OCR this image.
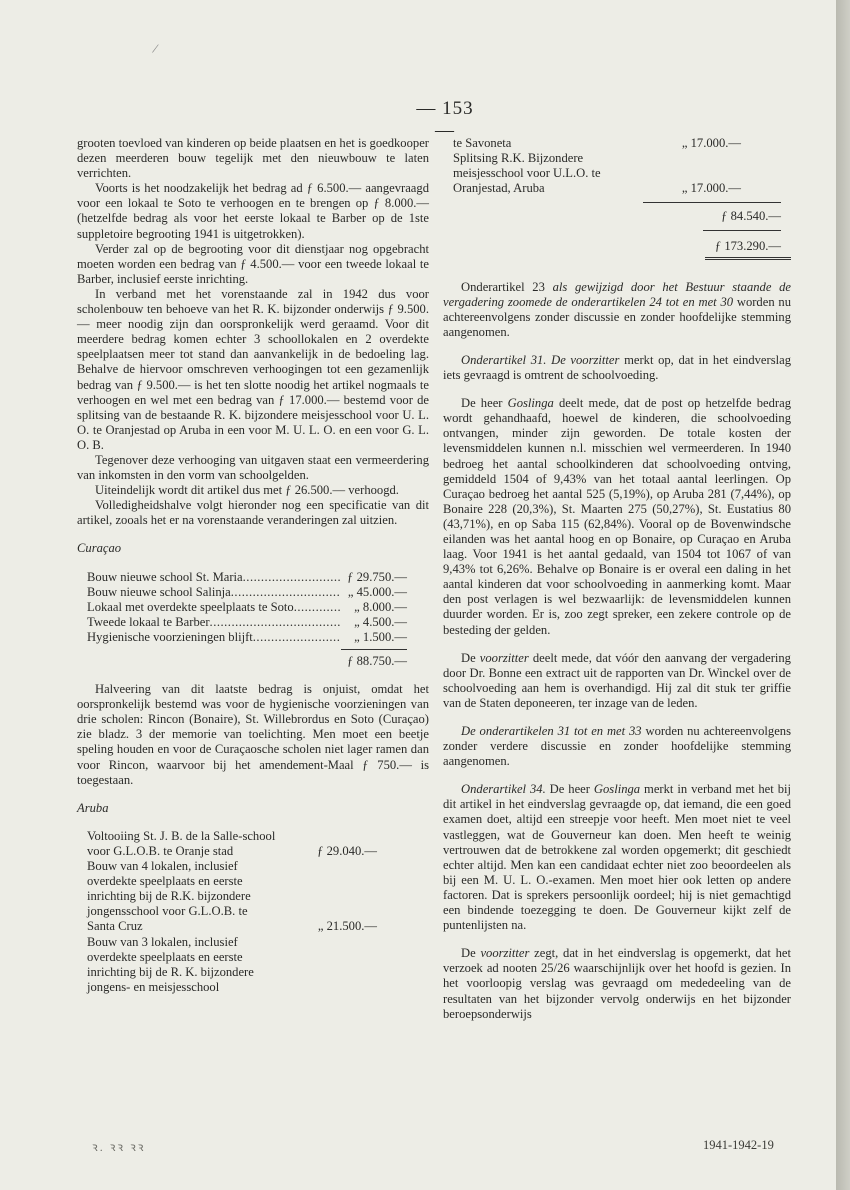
/
— 153 —

grooten toevloed van kinderen op beide plaatsen en het is goedkooper dezen meerderen bouw tegelijk met den nieuwbouw te laten verrichten.

Voorts is het noodzakelijk het bedrag ad ƒ 6.500.— aangevraagd voor een lokaal te Soto te verhoogen en te brengen op ƒ 8.000.— (hetzelfde bedrag als voor het eerste lokaal te Barber op de 1ste suppletoire begrooting 1941 is uitgetrokken).

Verder zal op de begrooting voor dit dienstjaar nog opgebracht moeten worden een bedrag van ƒ 4.500.— voor een tweede lokaal te Barber, inclusief eerste inrichting.

In verband met het vorenstaande zal in 1942 dus voor scholenbouw ten behoeve van het R. K. bijzonder onderwijs ƒ 9.500.— meer noodig zijn dan oorspronkelijk werd geraamd. Voor dit meerdere bedrag komen echter 3 schoollokalen en 2 overdekte speelplaatsen meer tot stand dan aanvankelijk in de bedoeling lag. Behalve de hiervoor omschreven verhoogingen tot een gezamenlijk bedrag van ƒ 9.500.— is het ten slotte noodig het artikel nogmaals te verhoogen en wel met een bedrag van ƒ 17.000.— bestemd voor de splitsing van de bestaande R. K. bijzondere meisjesschool voor U. L. O. te Oranjestad op Aruba in een voor M. U. L. O. en een voor G. L. O. B.

Tegenover deze verhooging van uitgaven staat een vermeerdering van inkomsten in den vorm van schoolgelden.

Uiteindelijk wordt dit artikel dus met ƒ 26.500.— verhoogd.

Volledigheidshalve volgt hieronder nog een specificatie van dit artikel, zooals het er na vorenstaande veranderingen zal uitzien.

Curaçao

Bouw nieuwe school St. Maria .....	ƒ 29.750.—
Bouw nieuwe school Salinja .....	„ 45.000.—
Lokaal met overdekte speelplaats te Soto .....	„ 8.000.—
Tweede lokaal te Barber .....	„ 4.500.—
Hygienische voorzieningen blijft .....	„ 1.500.—
ƒ 88.750.—

Halveering van dit laatste bedrag is onjuist, omdat het oorspronkelijk bestemd was voor de hygienische voorzieningen van drie scholen: Rincon (Bonaire), St. Willebrordus en Soto (Curaçao) zie bladz. 3 der memorie van toelichting. Men moet een beetje speling houden en voor de Curaçaosche scholen niet lager ramen dan voor Rincon, waarvoor bij het amendement-Maal ƒ 750.— is toegestaan.

Aruba

Voltooiing St. J. B. de la Salle-school voor G.L.O.B. te Oranje stad	ƒ 29.040.—
Bouw van 4 lokalen, inclusief overdekte speelplaats en eerste inrichting bij de R.K. bijzondere jongensschool voor G.L.O.B. te Santa Cruz	„ 21.500.—
Bouw van 3 lokalen, inclusief overdekte speelplaats en eerste inrichting bij de R. K. bijzondere jongens- en meisjesschool
te Savoneta	„ 17.000.—
Splitsing R.K. Bijzondere meisjesschool voor U.L.O. te Oranjestad, Aruba	„ 17.000.—
ƒ 84.540.—
ƒ 173.290.—

Onderartikel 23 als gewijzigd door het Bestuur staande de vergadering zoomede de onderartikelen 24 tot en met 30 worden nu achtereenvolgens zonder discussie en zonder hoofdelijke stemming aangenomen.

Onderartikel 31. De voorzitter merkt op, dat in het eindverslag iets gevraagd is omtrent de schoolvoeding.

De heer Goslinga deelt mede, dat de post op hetzelfde bedrag wordt gehandhaafd, hoewel de kinderen, die schoolvoeding ontvangen, minder zijn geworden. De totale kosten der levensmiddelen kunnen n.l. misschien wel vermeerderen. In 1940 bedroeg het aantal schoolkinderen dat schoolvoeding ontving, gemiddeld 1504 of 9,43% van het totaal aantal leerlingen. Op Curaçao bedroeg het aantal 525 (5,19%), op Aruba 281 (7,44%), op Bonaire 228 (20,3%), St. Maarten 275 (50,27%), St. Eustatius 80 (43,71%), en op Saba 115 (62,84%). Vooral op de Bovenwindsche eilanden was het aantal hoog en op Bonaire, op Curaçao en Aruba laag. Voor 1941 is het aantal gedaald, van 1504 tot 1067 of van 9,43% tot 6,26%. Behalve op Bonaire is er overal een daling in het aantal kinderen dat voor schoolvoeding in aanmerking komt. Maar den post verlagen is wel bezwaarlijk: de levensmiddelen kunnen duurder worden. Er is, zoo zegt spreker, een zekere controle op de besteding der gelden.

De voorzitter deelt mede, dat vóór den aanvang der vergadering door Dr. Bonne een extract uit de rapporten van Dr. Winckel over de schoolvoeding aan hem is overhandigd. Hij zal dit stuk ter griffie van de Staten deponeeren, ter inzage van de leden.

De onderartikelen 31 tot en met 33 worden nu achtereenvolgens zonder verdere discussie en zonder hoofdelijke stemming aangenomen.

Onderartikel 34. De heer Goslinga merkt in verband met het bij dit artikel in het eindverslag gevraagde op, dat iemand, die een goed examen doet, altijd een streepje voor heeft. Men moet niet te veel vastleggen, wat de Gouverneur kan doen. Men heeft te weinig vertrouwen dat de betrokkene zal worden opgemerkt; dit geschiedt echter altijd. Men kan een candidaat echter niet zoo beoordeelen als bij een M. U. L. O.-examen. Men moet hier ook letten op andere factoren. Dat is sprekers persoonlijk oordeel; hij is niet gemachtigd een bindende toezegging te doen. De Gouverneur kijkt zelf de puntenlijsten na.

De voorzitter zegt, dat in het eindverslag is opgemerkt, dat het verzoek ad nooten 25/26 waarschijnlijk over het hoofd is gezien. In het voorloopig verslag was gevraagd om mededeeling van de resultaten van het bijzonder vervolg onderwijs en het bijzonder beroepsonderwijs

ꝛ. ꝛꝛ ꝛꝛ	1941-1942-19
